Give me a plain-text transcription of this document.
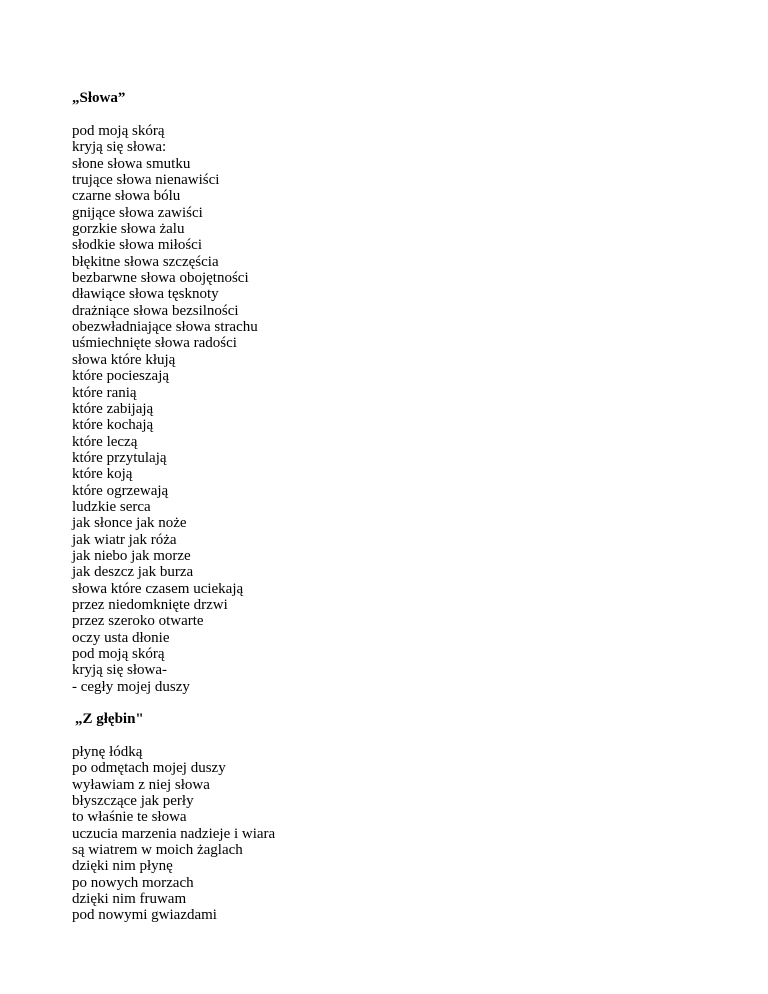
„Słowa”
pod moją skórą
kryją się słowa:
słone słowa smutku
trujące słowa nienawiści
czarne słowa bólu
gnijące słowa zawiści
gorzkie słowa żalu
słodkie słowa miłości
błękitne słowa szczęścia
bezbarwne słowa obojętności
dławiące słowa tęsknoty
drażniące słowa bezsilności
obezwładniające słowa strachu
uśmiechnięte słowa radości
słowa które kłują
które pocieszają
które ranią
które zabijają
które kochają
które leczą
które przytulają
które koją
które ogrzewają
ludzkie serca
jak słonce jak noże
jak wiatr jak róża
jak niebo jak morze
jak deszcz jak burza
słowa które czasem uciekają
przez niedomknięte drzwi
przez szeroko otwarte
oczy usta dłonie
pod moją skórą
kryją się słowa-
- cegły mojej duszy
„Z głębin"
płynę łódką
po odmętach mojej duszy
wyławiam z niej słowa
błyszczące jak perły
to właśnie te słowa
uczucia marzenia nadzieje i wiara
są wiatrem w moich żaglach
dzięki nim płynę
po nowych morzach
dzięki nim fruwam
pod nowymi gwiazdami
